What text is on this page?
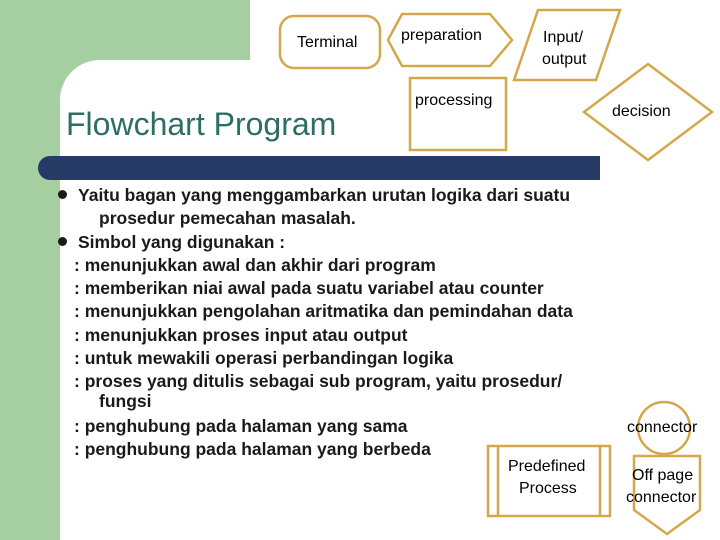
Flowchart Program
Terminal	preparation	Input/
output
processing
decision
connector
Predefined
Process
Off page
connector
Yaitu bagan yang menggambarkan urutan logika dari suatu
prosedur pemecahan masalah.
Simbol yang digunakan :
: menunjukkan awal dan akhir dari program
: memberikan niai awal pada suatu variabel atau counter
: menunjukkan pengolahan aritmatika dan pemindahan data
: menunjukkan proses input atau output
: untuk mewakili operasi perbandingan logika
: proses yang ditulis sebagai sub program, yaitu prosedur/
fungsi
: penghubung pada halaman yang sama
: penghubung pada halaman yang berbeda
